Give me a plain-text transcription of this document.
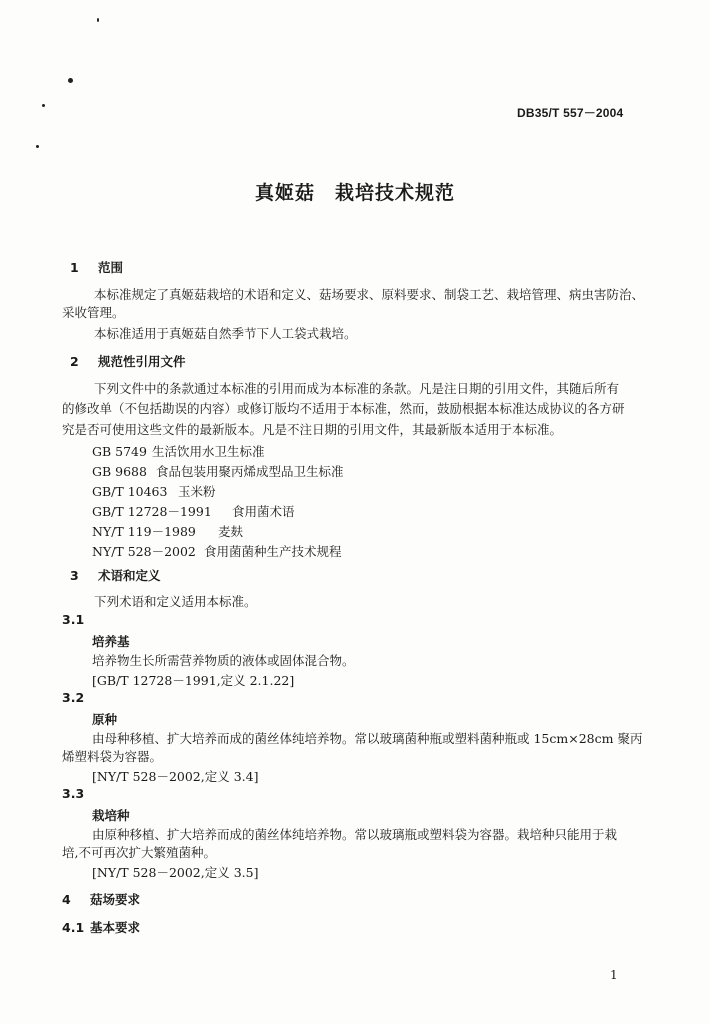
DB35/T 557－2004
真姬菇　栽培技术规范
1 范围
本标准规定了真姬菇栽培的术语和定义、菇场要求、原料要求、制袋工艺、栽培管理、病虫害防治、
采收管理。
本标准适用于真姬菇自然季节下人工袋式栽培。
2 规范性引用文件
下列文件中的条款通过本标准的引用而成为本标准的条款。凡是注日期的引用文件，其随后所有
的修改单（不包括勘误的内容）或修订版均不适用于本标准，然而，鼓励根据本标准达成协议的各方研
究是否可使用这些文件的最新版本。凡是不注日期的引用文件，其最新版本适用于本标准。
GB 5749 生活饮用水卫生标准
GB 9688 食品包装用聚丙烯成型品卫生标准
GB/T 10463 玉米粉
GB/T 12728－1991 食用菌术语
NY/T 119－1989 麦麸
NY/T 528－2002 食用菌菌种生产技术规程
3 术语和定义
下列术语和定义适用本标准。
3.1
培养基
培养物生长所需营养物质的液体或固体混合物。
[GB/T 12728－1991,定义 2.1.22]
3.2
原种
由母种移植、扩大培养而成的菌丝体纯培养物。常以玻璃菌种瓶或塑料菌种瓶或 15cm×28cm 聚丙
烯塑料袋为容器。
[NY/T 528－2002,定义 3.4]
3.3
栽培种
由原种移植、扩大培养而成的菌丝体纯培养物。常以玻璃瓶或塑料袋为容器。栽培种只能用于栽
培,不可再次扩大繁殖菌种。
[NY/T 528－2002,定义 3.5]
4 菇场要求
4.1 基本要求
1
